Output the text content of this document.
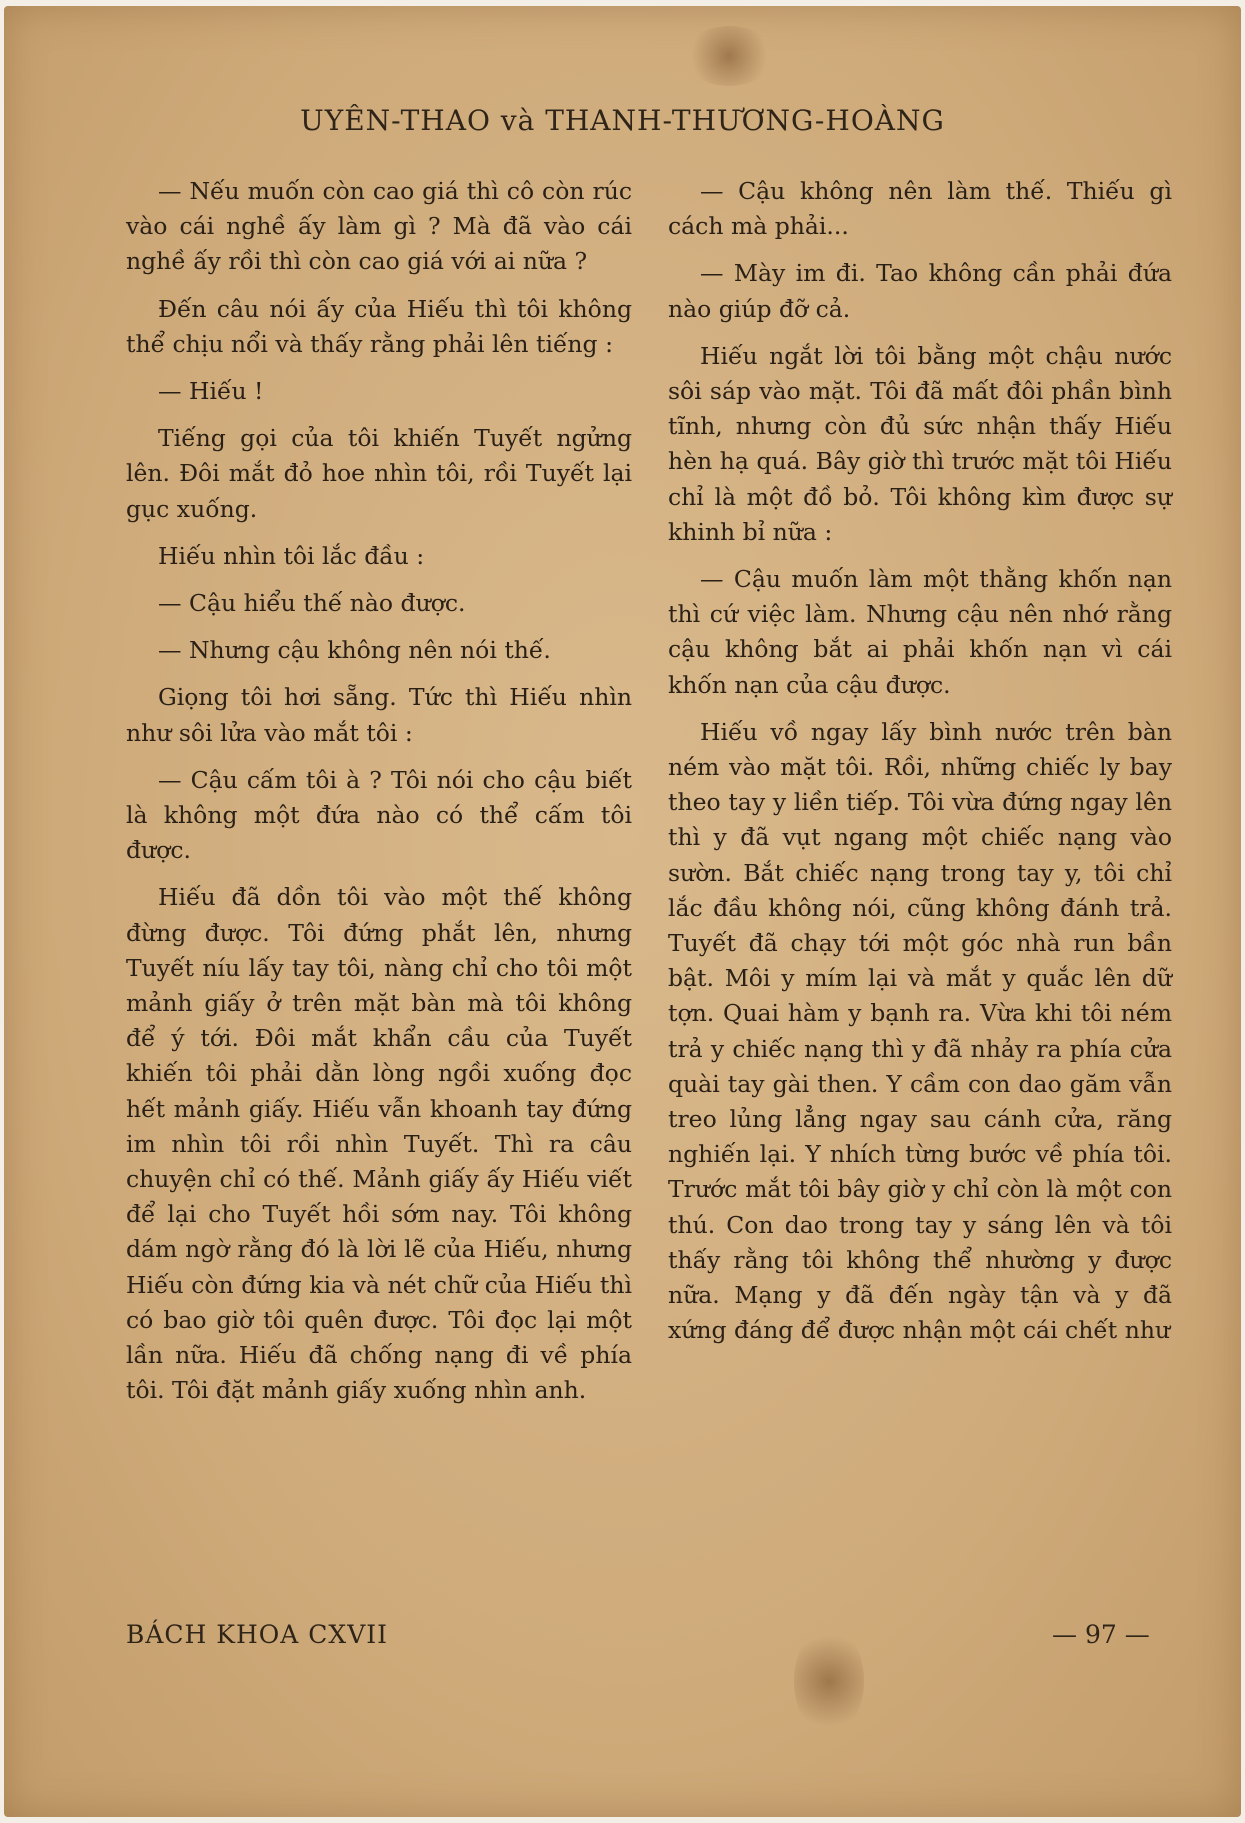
UYÊN-THAO và THANH-THƯƠNG-HOÀNG

— Nếu muốn còn cao giá thì cô còn rúc vào cái nghề ấy làm gì ? Mà đã vào cái nghề ấy rồi thì còn cao giá với ai nữa ?

Đến câu nói ấy của Hiếu thì tôi không thể chịu nổi và thấy rằng phải lên tiếng :

— Hiếu !

Tiếng gọi của tôi khiến Tuyết ngửng lên. Đôi mắt đỏ hoe nhìn tôi, rồi Tuyết lại gục xuống.

Hiếu nhìn tôi lắc đầu :

— Cậu hiểu thế nào được.

— Nhưng cậu không nên nói thế.

Giọng tôi hơi sẵng. Tức thì Hiếu nhìn như sôi lửa vào mắt tôi :

— Cậu cấm tôi à ? Tôi nói cho cậu biết là không một đứa nào có thể cấm tôi được.

Hiếu đã dồn tôi vào một thế không đừng được. Tôi đứng phắt lên, nhưng Tuyết níu lấy tay tôi, nàng chỉ cho tôi một mảnh giấy ở trên mặt bàn mà tôi không để ý tới. Đôi mắt khẩn cầu của Tuyết khiến tôi phải dằn lòng ngồi xuống đọc hết mảnh giấy. Hiếu vẫn khoanh tay đứng im nhìn tôi rồi nhìn Tuyết. Thì ra câu chuyện chỉ có thế. Mảnh giấy ấy Hiếu viết để lại cho Tuyết hồi sớm nay. Tôi không dám ngờ rằng đó là lời lẽ của Hiếu, nhưng Hiếu còn đứng kia và nét chữ của Hiếu thì có bao giờ tôi quên được. Tôi đọc lại một lần nữa. Hiếu đã chống nạng đi về phía tôi. Tôi đặt mảnh giấy xuống nhìn anh.

— Cậu không nên làm thế. Thiếu gì cách mà phải...

— Mày im đi. Tao không cần phải đứa nào giúp đỡ cả.

Hiếu ngắt lời tôi bằng một chậu nước sôi sáp vào mặt. Tôi đã mất đôi phần bình tĩnh, nhưng còn đủ sức nhận thấy Hiếu hèn hạ quá. Bây giờ thì trước mặt tôi Hiếu chỉ là một đồ bỏ. Tôi không kìm được sự khinh bỉ nữa :

— Cậu muốn làm một thằng khốn nạn thì cứ việc làm. Nhưng cậu nên nhớ rằng cậu không bắt ai phải khốn nạn vì cái khốn nạn của cậu được.

Hiếu vồ ngay lấy bình nước trên bàn ném vào mặt tôi. Rồi, những chiếc ly bay theo tay y liền tiếp. Tôi vừa đứng ngay lên thì y đã vụt ngang một chiếc nạng vào sườn. Bắt chiếc nạng trong tay y, tôi chỉ lắc đầu không nói, cũng không đánh trả. Tuyết đã chạy tới một góc nhà run bần bật. Môi y mím lại và mắt y quắc lên dữ tợn. Quai hàm y bạnh ra. Vừa khi tôi ném trả y chiếc nạng thì y đã nhảy ra phía cửa quài tay gài then. Y cầm con dao găm vẫn treo lủng lẳng ngay sau cánh cửa, răng nghiến lại. Y nhích từng bước về phía tôi. Trước mắt tôi bây giờ y chỉ còn là một con thú. Con dao trong tay y sáng lên và tôi thấy rằng tôi không thể nhường y được nữa. Mạng y đã đến ngày tận và y đã xứng đáng để được nhận một cái chết như

BÁCH KHOA CXVII	— 97 —
